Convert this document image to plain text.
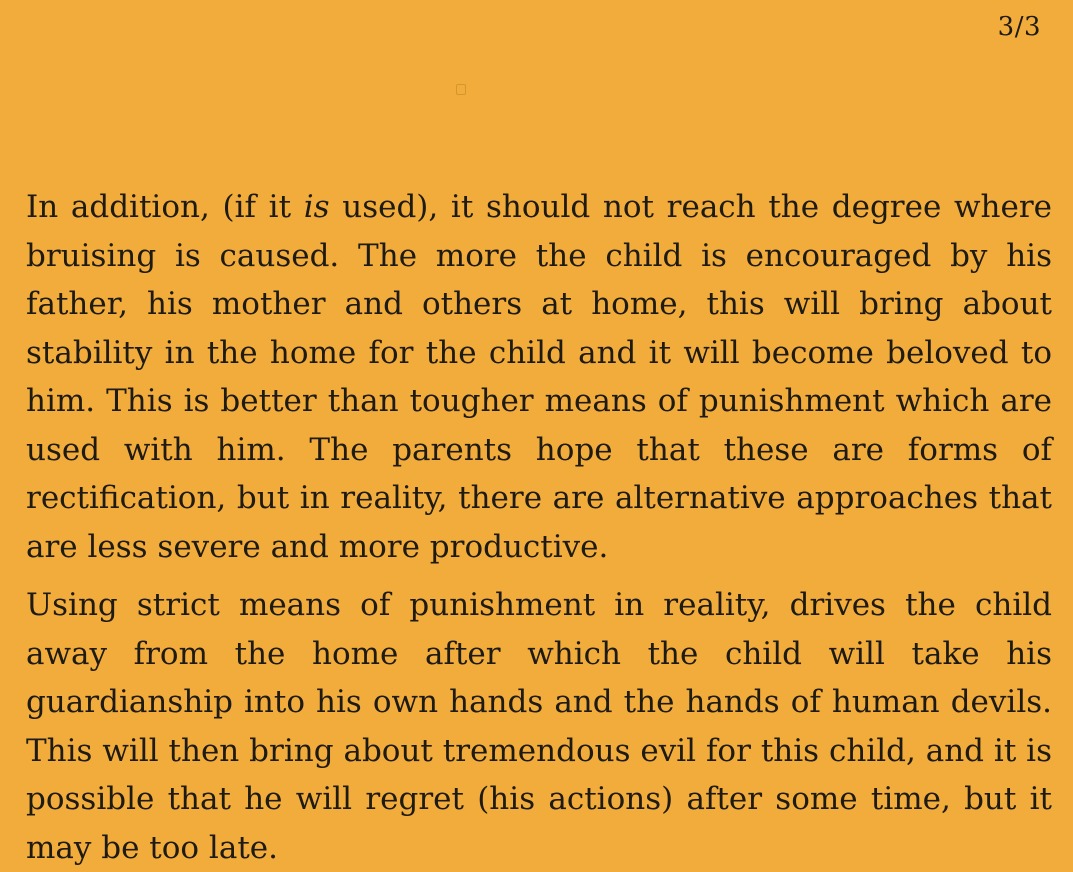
3/3

In addition, (if it is used), it should not reach the degree where bruising is caused. The more the child is encouraged by his father, his mother and others at home, this will bring about stability in the home for the child and it will become beloved to him. This is better than tougher means of punishment which are used with him. The parents hope that these are forms of rectification, but in reality, there are alternative approaches that are less severe and more productive.

Using strict means of punishment in reality, drives the child away from the home after which the child will take his guardianship into his own hands and the hands of human devils. This will then bring about tremendous evil for this child, and it is possible that he will regret (his actions) after some time, but it may be too late.
